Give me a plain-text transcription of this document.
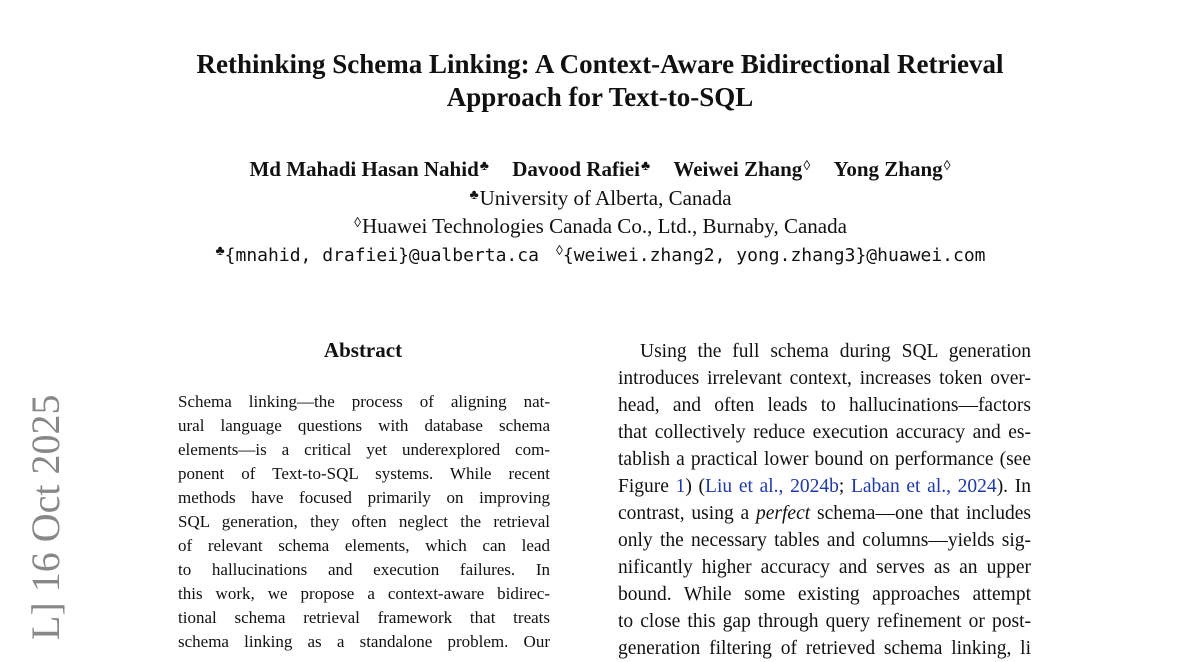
L] 16 Oct 2025
Rethinking Schema Linking: A Context-Aware Bidirectional Retrieval
Approach for Text-to-SQL
Md Mahadi Hasan Nahid♣ Davood Rafiei♣ Weiwei Zhang◊ Yong Zhang◊
♣University of Alberta, Canada
◊Huawei Technologies Canada Co., Ltd., Burnaby, Canada
♣{mnahid, drafiei}@ualberta.ca ◊{weiwei.zhang2, yong.zhang3}@huawei.com
Abstract
Schema linking—the process of aligning nat-
ural language questions with database schema
elements—is a critical yet underexplored com-
ponent of Text-to-SQL systems. While recent
methods have focused primarily on improving
SQL generation, they often neglect the retrieval
of relevant schema elements, which can lead
to hallucinations and execution failures. In
this work, we propose a context-aware bidirec-
tional schema retrieval framework that treats
schema linking as a standalone problem. Our
Using the full schema during SQL generation
introduces irrelevant context, increases token over-
head, and often leads to hallucinations—factors
that collectively reduce execution accuracy and es-
tablish a practical lower bound on performance (see
Figure 1) (Liu et al., 2024b; Laban et al., 2024). In
contrast, using a perfect schema—one that includes
only the necessary tables and columns—yields sig-
nificantly higher accuracy and serves as an upper
bound. While some existing approaches attempt
to close this gap through query refinement or post-
generation filtering of retrieved schema linking, li
